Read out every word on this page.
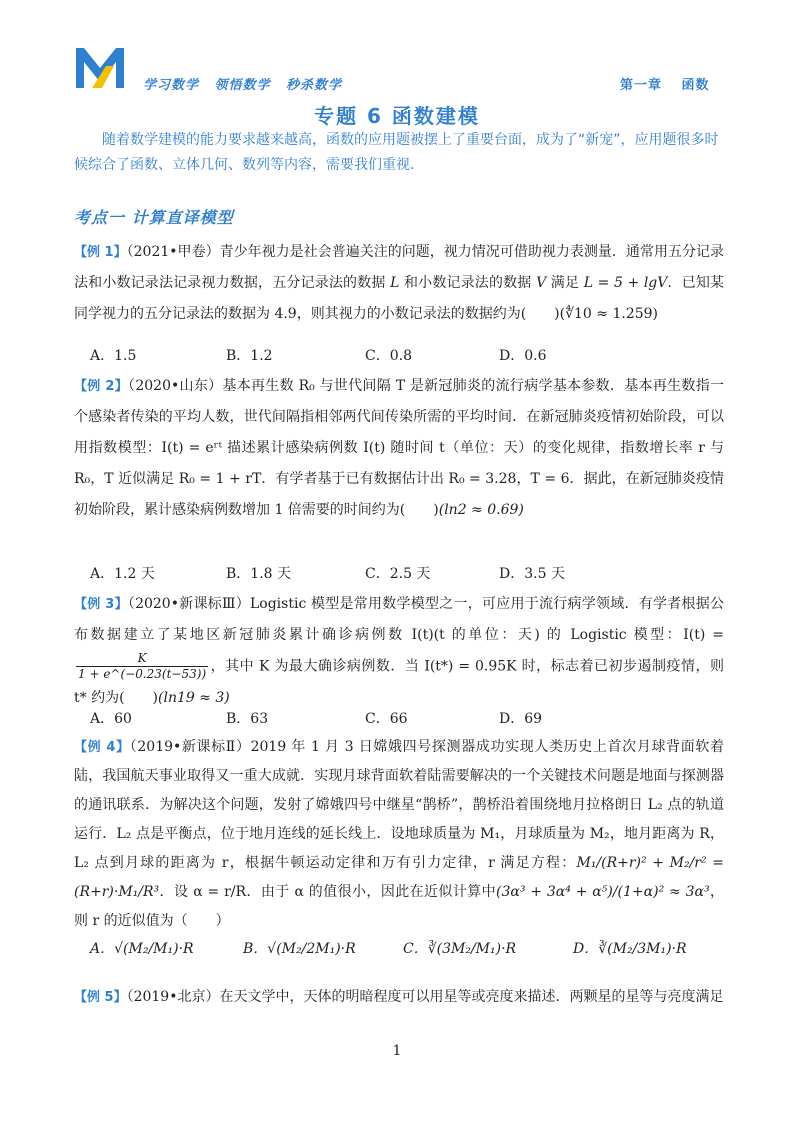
学习数学 领悟数学 秒杀数学	第一章 函数
专题 6 函数建模
随着数学建模的能力要求越来越高，函数的应用题被摆上了重要台面，成为了“新宠”，应用题很多时候综合了函数、立体几何、数列等内容，需要我们重视.
考点一 计算直译模型
【例 1】（2021•甲卷）青少年视力是社会普遍关注的问题，视力情况可借助视力表测量．通常用五分记录法和小数记录法记录视力数据，五分记录法的数据 L 和小数记录法的数据 V 满足 L = 5 + lgV．已知某同学视力的五分记录法的数据为 4.9，则其视力的小数记录法的数据约为(　　)(∜10 ≈ 1.259)
A．1.5	B．1.2	C．0.8	D．0.6
【例 2】（2020•山东）基本再生数 R₀ 与世代间隔 T 是新冠肺炎的流行病学基本参数．基本再生数指一个感染者传染的平均人数，世代间隔指相邻两代间传染所需的平均时间．在新冠肺炎疫情初始阶段，可以用指数模型：I(t) = eʳᵗ 描述累计感染病例数 I(t) 随时间 t（单位：天）的变化规律，指数增长率 r 与 R₀，T 近似满足 R₀ = 1 + rT．有学者基于已有数据估计出 R₀ = 3.28，T = 6．据此，在新冠肺炎疫情初始阶段，累计感染病例数增加 1 倍需要的时间约为(　　)(ln2 ≈ 0.69)
A．1.2 天	B．1.8 天	C．2.5 天	D．3.5 天
【例 3】（2020•新课标Ⅲ）Logistic 模型是常用数学模型之一，可应用于流行病学领域．有学者根据公布数据建立了某地区新冠肺炎累计确诊病例数 I(t)(t 的单位：天) 的 Logistic 模型：I(t) =
$\frac{K}{1 + e\^{}(-0.23(t-53))}$ ，其中 K 为最大确诊病例数．当 I(t*) = 0.95K 时，标志着已初步遏制疫情，则 t* 约为(　　)(ln19 ≈ 3)
A．60	B．63	C．66	D．69
【例 4】（2019•新课标Ⅱ）2019 年 1 月 3 日嫦娥四号探测器成功实现人类历史上首次月球背面软着陆，我国航天事业取得又一重大成就．实现月球背面软着陆需要解决的一个关键技术问题是地面与探测器的通讯联系．为解决这个问题，发射了嫦娥四号中继星“鹊桥”，鹊桥沿着围绕地月拉格朗日 L₂ 点的轨道运行．L₂ 点是平衡点，位于地月连线的延长线上．设地球质量为 M₁，月球质量为 M₂，地月距离为 R，L₂ 点到月球的距离为 r，根据牛顿运动定律和万有引力定律，r 满足方程：M₁/(R+r)² + M₂/r² = (R+r)·M₁/R³．设 α = r/R．由于 α 的值很小，因此在近似计算中(3α³ + 3α⁴ + α⁵)/(1+α)² ≈ 3α³，则 r 的近似值为（　　）
A．√(M₂/M₁)·R	B．√(M₂/2M₁)·R	C．∛(3M₂/M₁)·R	D．∛(M₂/3M₁)·R
【例 5】（2019•北京）在天文学中，天体的明暗程度可以用星等或亮度来描述．两颗星的星等与亮度满足
1
